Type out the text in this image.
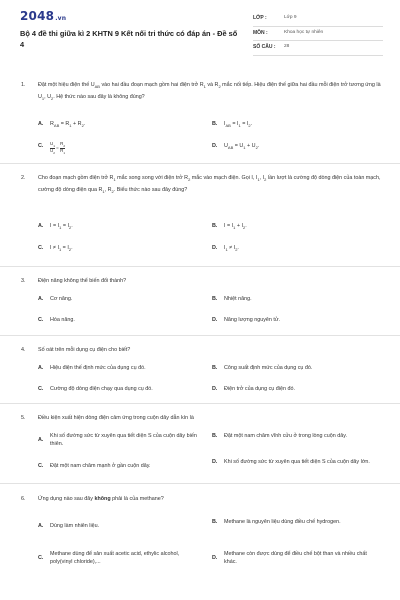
2048.vn
Bộ 4 đề thi giữa kì 2 KHTN 9 Kết nối tri thức có đáp án - Đề số 4
LỚP :	Lớp 9
MÔN :	Khoa học tự nhiên
SỐ CÂU : 28
1. Đặt một hiệu điện thế $U_{AB}$ vào hai đầu đoạn mạch gồm hai điện trở $R_1$ và $R_2$ mắc nối tiếp. Hiệu điện thế giữa hai đầu mỗi điện trở tương ứng là $U_1$, $U_2$. Hệ thức nào sau đây là không đúng?
A.	$R_{AB} = R_1 + R_2$.	B.	$I_{AB} = I_1 = I_2$.
C.	$\frac{U_1}{U_2} = \frac{R_2}{R_1}$	D.	$U_{AB} = U_1 + U_2$.
2. Cho đoạn mạch gồm điện trở $R_1$ mắc song song với điện trở $R_2$ mắc vào mạch điện. Gọi I, $I_1$, $I_2$ lần lượt là cường độ dòng điện của toàn mạch, cường độ dòng điện qua $R_1$, $R_2$. Biểu thức nào sau đây đúng?
A.	$I = I_1 = I_2$.	B.	$I = I_1 + I_2$.
C.	$I \ne I_1 = I_2$.	D.	$I_1 \ne I_2$.
3. Điện năng không thể biến đổi thành?
A.	Cơ năng.	B.	Nhiệt năng.
C.	Hóa năng.	D.	Năng lượng nguyên tử.
4. Số oát trên mỗi dụng cụ điện cho biết?
A.	Hiệu điện thế định mức của dụng cụ đó.	B.	Công suất định mức của dụng cụ đó.
C.	Cường độ dòng điện chạy qua dụng cụ đó.	D.	Điện trở của dụng cụ điện đó.
5. Điều kiện xuất hiện dòng điện cảm ứng trong cuộn dây dẫn kín là
A.
Khi số đường sức từ xuyên qua tiết diện S của cuộn dây biến thiên.
B.	Đặt một nam châm vĩnh cửu ở trong lòng cuộn dây.
C.	Đặt một nam châm mạnh ở gần cuộn dây.
D.	Khi số đường sức từ xuyên qua tiết diện S của cuộn dây lớn.
6. Ứng dụng nào sau đây không phải là của methane?
A.	Dùng làm nhiên liệu.
B.	Methane là nguyên liệu dùng điều chế hydrogen.
C.
Methane dùng để sản xuất acetic acid, ethylic alcohol, poly(vinyl chloride),...
D.
Methane còn được dùng để điều chế bột than và nhiều chất khác.
